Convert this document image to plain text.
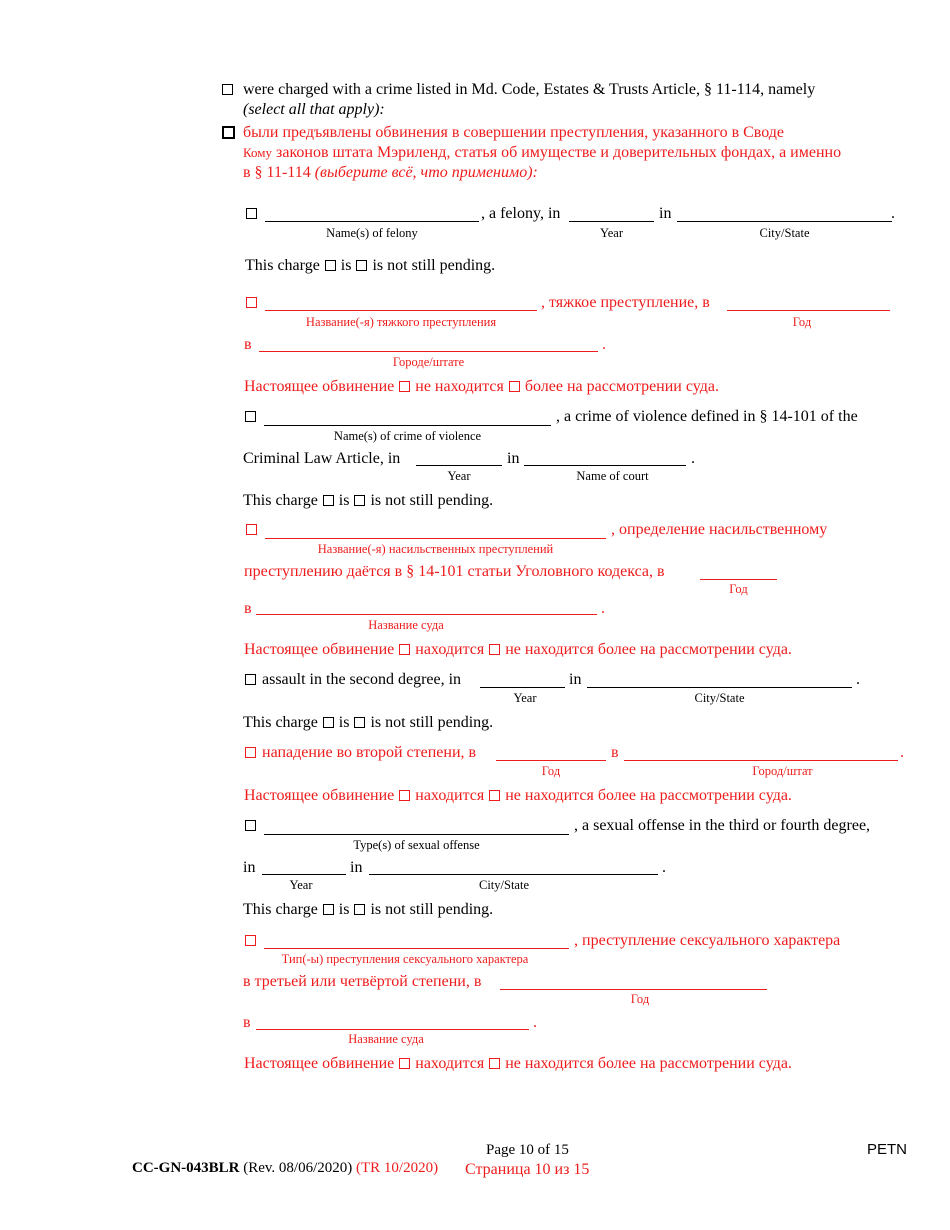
were charged with a crime listed in Md. Code, Estates & Trusts Article, § 11-114, namely
(select all that apply):
были предъявлены обвинения в совершении преступления, указанного в Своде
Кому законов штата Мэриленд, статья об имуществе и доверительных фондах, а именно
в § 11-114 (выберите всё, что применимо):
, a felony, in	in	.
Name(s) of felony	Year	City/State
This charge is is not still pending.
, тяжкое преступление, в
Название(-я) тяжкого преступления	Год
в	.
Городе/штате
Настоящее обвинение не находится более на рассмотрении суда.
, a crime of violence defined in § 14-101 of the
Name(s) of crime of violence
Criminal Law Article, in	in	.
Year	Name of court
This charge is is not still pending.
, определение насильственному
Название(-я) насильственных преступлений
преступлению даётся в § 14-101 статьи Уголовного кодекса, в
Год
в	.
Название суда
Настоящее обвинение находится не находится более на рассмотрении суда.
assault in the second degree, in	in	.
Year	City/State
This charge is is not still pending.
нападение во второй степени, в	в	.
Год	Город/штат
Настоящее обвинение находится не находится более на рассмотрении суда.
, a sexual offense in the third or fourth degree,
Type(s) of sexual offense
in	in	.
Year	City/State
This charge is is not still pending.
, преступление сексуального характера
Тип(-ы) преступления сексуального характера
в третьей или четвёртой степени, в
Год
в	.
Название суда
Настоящее обвинение находится не находится более на рассмотрении суда.
CC-GN-043BLR (Rev. 08/06/2020) (TR 10/2020)
Page 10 of 15
Страница 10 из 15
PETN
